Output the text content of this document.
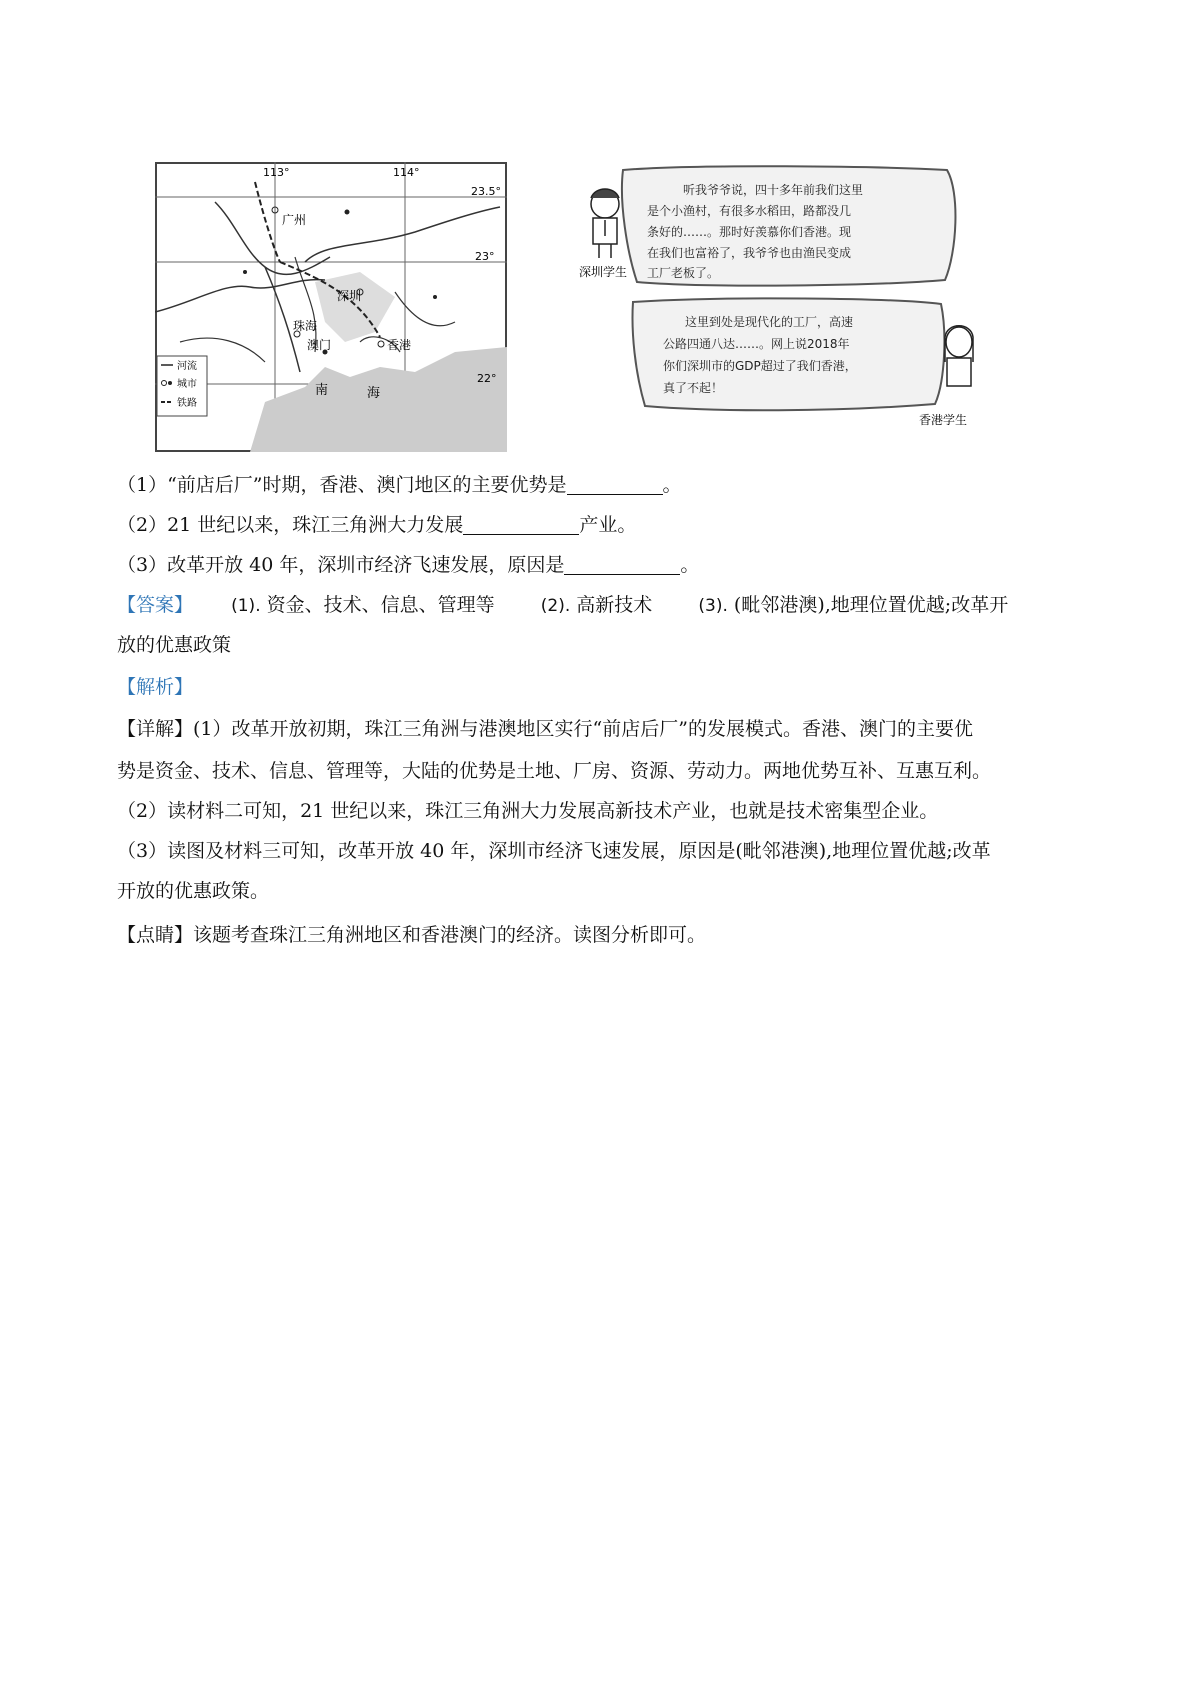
113°	114°
23.5°
23°
22°
广州
深圳
珠海
澳门	香港
南	海
河流
城市
铁路
听我爷爷说，四十多年前我们这里
是个小渔村，有很多水稻田，路都没几
条好的……。那时好羡慕你们香港。现
在我们也富裕了，我爷爷也由渔民变成
工厂老板了。
深圳学生
这里到处是现代化的工厂，高速
公路四通八达……。网上说2018年
你们深圳市的GDP超过了我们香港，
真了不起！
香港学生
（1）“前店后厂”时期，香港、澳门地区的主要优势是	。
（2）21 世纪以来，珠江三角洲大力发展	产业。
（3）改革开放 40 年，深圳市经济飞速发展，原因是	。
【答案】 (1). 资金、技术、信息、管理等	(2). 高新技术	(3). (毗邻港澳),地理位置优越;改革开
放的优惠政策
【解析】
【详解】(1）改革开放初期，珠江三角洲与港澳地区实行“前店后厂”的发展模式。香港、澳门的主要优
势是资金、技术、信息、管理等，大陆的优势是土地、厂房、资源、劳动力。两地优势互补、互惠互利。
（2）读材料二可知，21 世纪以来，珠江三角洲大力发展高新技术产业，也就是技术密集型企业。
（3）读图及材料三可知，改革开放 40 年，深圳市经济飞速发展，原因是(毗邻港澳),地理位置优越;改革
开放的优惠政策。
【点睛】该题考查珠江三角洲地区和香港澳门的经济。读图分析即可。
